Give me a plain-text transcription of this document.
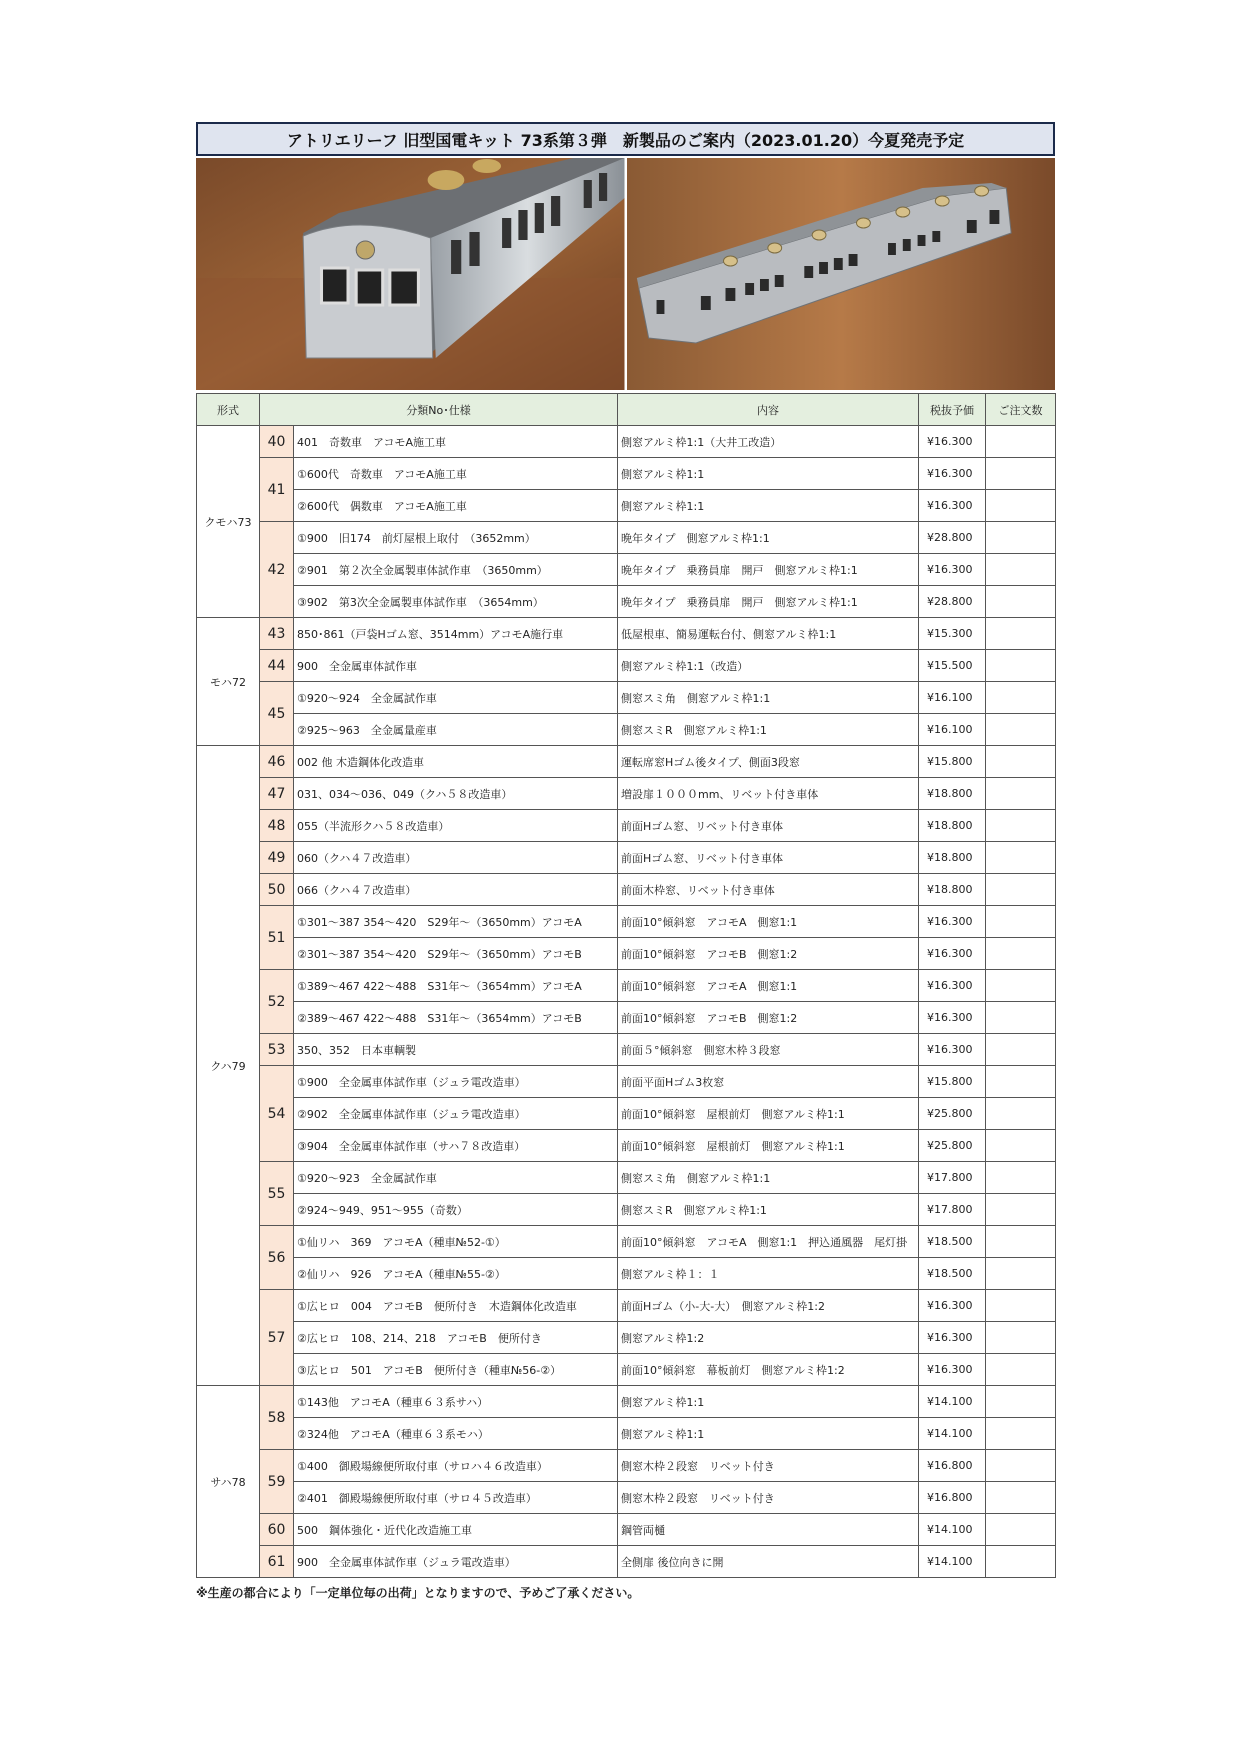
アトリエリーフ 旧型国電キット 73系第３弾　新製品のご案内（2023.01.20）今夏発売予定
形式	分類No･仕様		内容	税抜予価	ご注文数
クモハ73	40	401　奇数車　アコモA施工車	側窓アルミ枠1:1（大井工改造）	¥16.300	
	41	①600代　奇数車　アコモA施工車	側窓アルミ枠1:1	¥16.300	
		②600代　偶数車　アコモA施工車	側窓アルミ枠1:1	¥16.300	
	42	①900　旧174　前灯屋根上取付　（3652mm）	晩年タイプ　側窓アルミ枠1:1	¥28.800	
		②901　第２次全金属製車体試作車　（3650mm）	晩年タイプ　乗務員扉　開戸　側窓アルミ枠1:1	¥16.300	
		③902　第3次全金属製車体試作車　（3654mm）	晩年タイプ　乗務員扉　開戸　側窓アルミ枠1:1	¥28.800	
モハ72	43	850･861（戸袋Hゴム窓、3514mm）アコモA施行車	低屋根車、簡易運転台付、側窓アルミ枠1:1	¥15.300	
	44	900　全金属車体試作車	側窓アルミ枠1:1（改造）	¥15.500	
	45	①920～924　全金属試作車	側窓スミ角　側窓アルミ枠1:1	¥16.100	
		②925～963　全金属量産車	側窓スミR　側窓アルミ枠1:1	¥16.100	
クハ79	46	002 他 木造鋼体化改造車	運転席窓Hゴム後タイプ、側面3段窓	¥15.800	
	47	031、034～036、049（クハ５８改造車）	増設扉１０００mm、リベット付き車体	¥18.800	
	48	055（半流形クハ５８改造車）	前面Hゴム窓、リベット付き車体	¥18.800	
	49	060（クハ４７改造車）	前面Hゴム窓、リベット付き車体	¥18.800	
	50	066（クハ４７改造車）	前面木枠窓、リベット付き車体	¥18.800	
	51	①301～387 354～420　S29年～（3650mm）アコモA	前面10°傾斜窓　アコモA　側窓1:1	¥16.300	
		②301～387 354～420　S29年～（3650mm）アコモB	前面10°傾斜窓　アコモB　側窓1:2	¥16.300	
	52	①389～467 422～488　S31年～（3654mm）アコモA	前面10°傾斜窓　アコモA　側窓1:1	¥16.300	
		②389～467 422～488　S31年～（3654mm）アコモB	前面10°傾斜窓　アコモB　側窓1:2	¥16.300	
	53	350、352　日本車輌製	前面５°傾斜窓　側窓木枠３段窓	¥16.300	
	54	①900　全金属車体試作車（ジュラ電改造車）	前面平面Hゴム3枚窓	¥15.800	
		②902　全金属車体試作車（ジュラ電改造車）	前面10°傾斜窓　屋根前灯　側窓アルミ枠1:1	¥25.800	
		③904　全金属車体試作車（サハ７８改造車）	前面10°傾斜窓　屋根前灯　側窓アルミ枠1:1	¥25.800	
	55	①920～923　全金属試作車	側窓スミ角　側窓アルミ枠1:1	¥17.800	
		②924～949、951～955（奇数）	側窓スミR　側窓アルミ枠1:1	¥17.800	
	56	①仙リハ　369　アコモA（種車№52-①）	前面10°傾斜窓　アコモA　側窓1:1　押込通風器　尾灯掛	¥18.500	
		②仙リハ　926　アコモA（種車№55-②）	側窓アルミ枠１：１	¥18.500	
	57	①広ヒロ　004　アコモB　便所付き　木造鋼体化改造車	前面Hゴム（小-大-大）　側窓アルミ枠1:2	¥16.300	
		②広ヒロ　108、214、218　アコモB　便所付き	側窓アルミ枠1:2	¥16.300	
		③広ヒロ　501　アコモB　便所付き（種車№56-②）	前面10°傾斜窓　幕板前灯　側窓アルミ枠1:2	¥16.300	
サハ78	58	①143他　アコモA（種車６３系サハ）	側窓アルミ枠1:1	¥14.100	
		②324他　アコモA（種車６３系モハ）	側窓アルミ枠1:1	¥14.100	
	59	①400　御殿場線便所取付車（サロハ４６改造車）	側窓木枠２段窓　リベット付き	¥16.800	
		②401　御殿場線便所取付車（サロ４５改造車）	側窓木枠２段窓　リベット付き	¥16.800	
	60	500　鋼体強化・近代化改造施工車	鋼管両樋	¥14.100	
	61	900　全金属車体試作車（ジュラ電改造車）	全側扉 後位向きに開	¥14.100	
※生産の都合により「一定単位毎の出荷」となりますので、予めご了承ください。
